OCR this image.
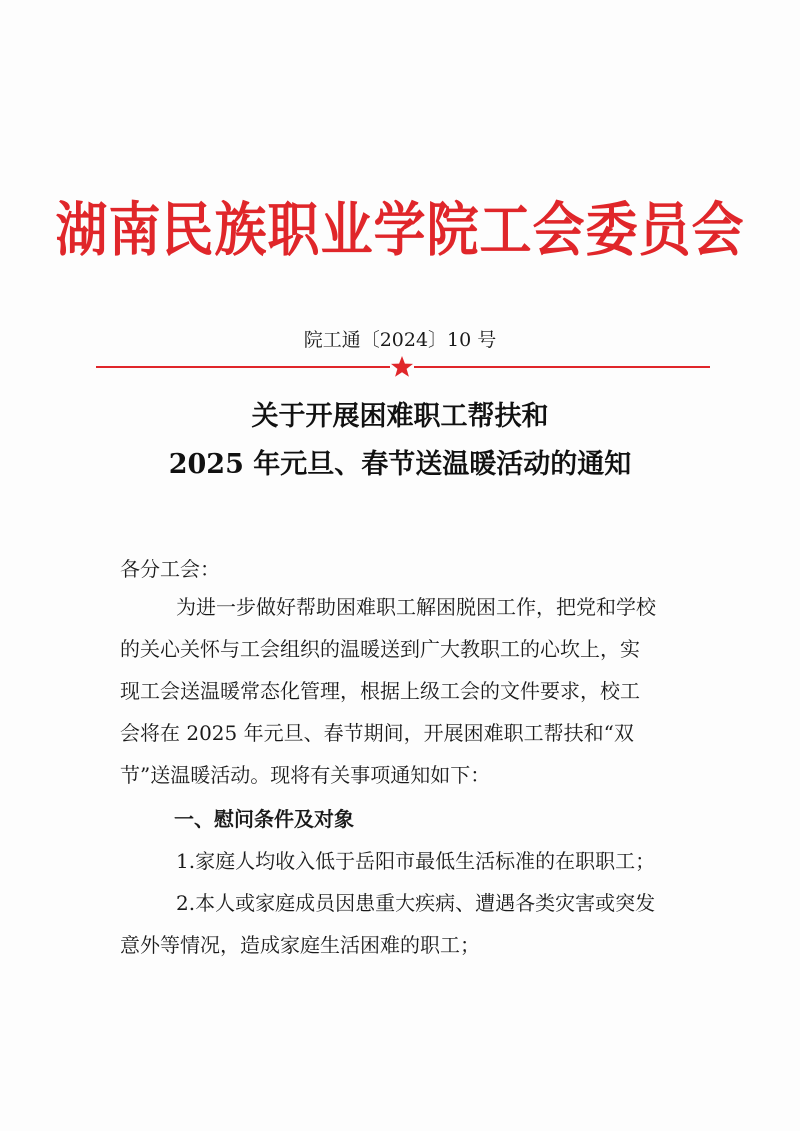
湖南民族职业学院工会委员会
院工通〔2024〕10 号
关于开展困难职工帮扶和
2025 年元旦、春节送温暖活动的通知
各分工会：
为进一步做好帮助困难职工解困脱困工作，把党和学校
的关心关怀与工会组织的温暖送到广大教职工的心坎上，实
现工会送温暖常态化管理，根据上级工会的文件要求，校工
会将在 2025 年元旦、春节期间，开展困难职工帮扶和“双
节”送温暖活动。现将有关事项通知如下：
一、慰问条件及对象
1.家庭人均收入低于岳阳市最低生活标准的在职职工；
2.本人或家庭成员因患重大疾病、遭遇各类灾害或突发
意外等情况，造成家庭生活困难的职工；
